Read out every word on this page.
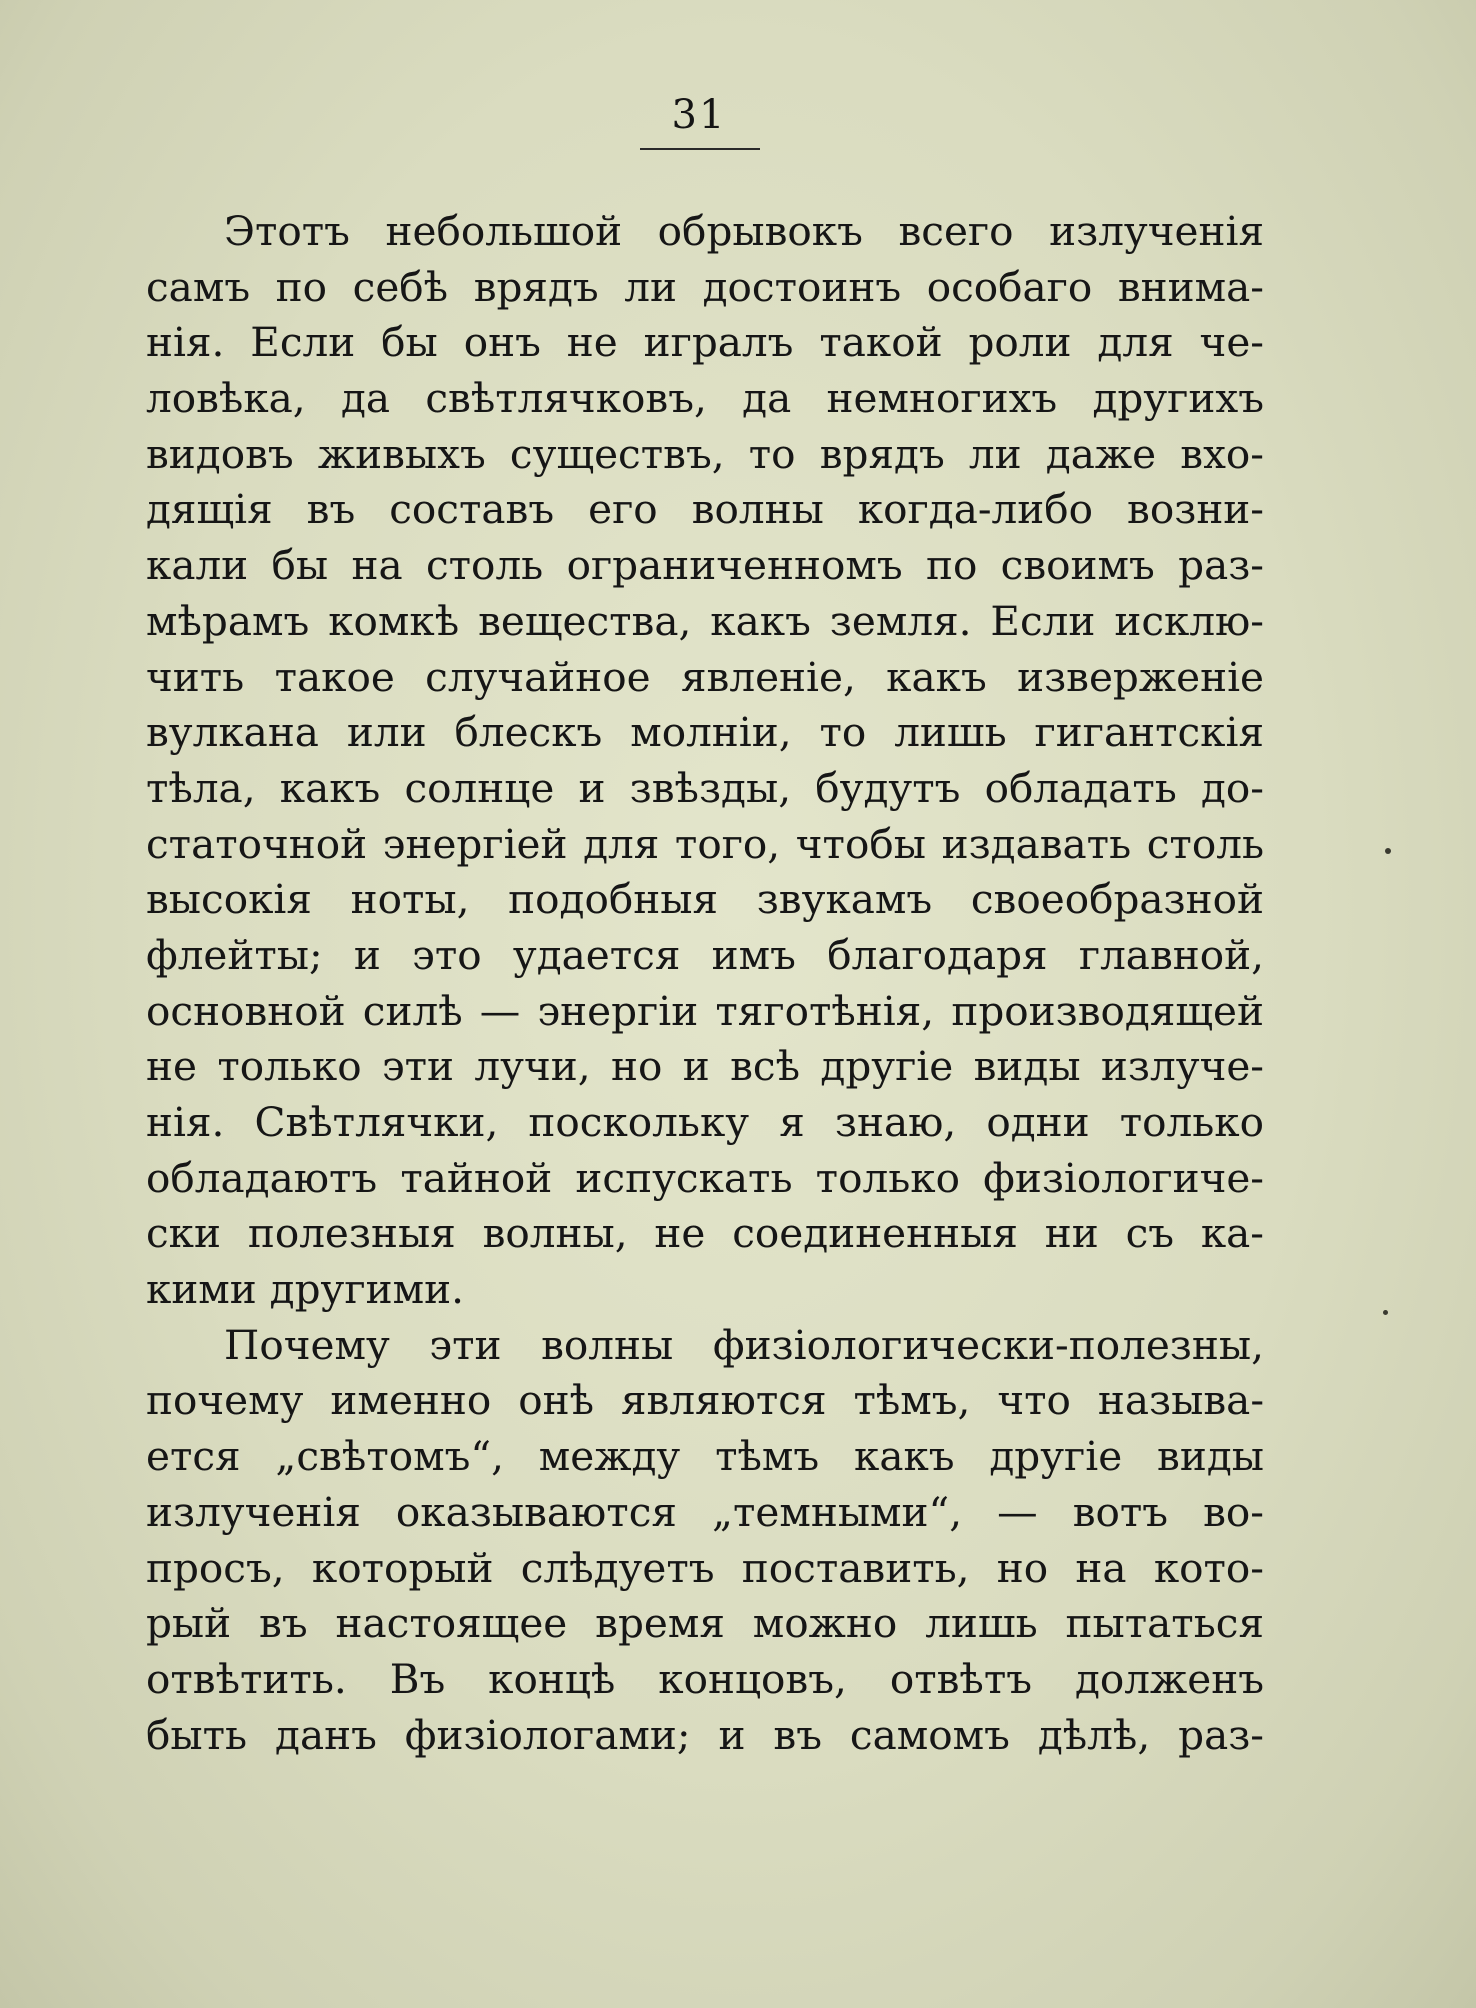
31
Этотъ небольшой обрывокъ всего излученія
самъ по себѣ врядъ ли достоинъ особаго внима-
нія. Если бы онъ не игралъ такой роли для че-
ловѣка, да свѣтлячковъ, да немногихъ другихъ
видовъ живыхъ существъ, то врядъ ли даже вхо-
дящія въ составъ его волны когда-либо возни-
кали бы на столь ограниченномъ по своимъ раз-
мѣрамъ комкѣ вещества, какъ земля. Если исклю-
чить такое случайное явленіе, какъ изверженіе
вулкана или блескъ молніи, то лишь гигантскія
тѣла, какъ солнце и звѣзды, будутъ обладать до-
статочной энергіей для того, чтобы издавать столь
высокія ноты, подобныя звукамъ своеобразной
флейты; и это удается имъ благодаря главной,
основной силѣ — энергіи тяготѣнія, производящей
не только эти лучи, но и всѣ другіе виды излуче-
нія. Свѣтлячки, поскольку я знаю, одни только
обладаютъ тайной испускать только физіологиче-
ски полезныя волны, не соединенныя ни съ ка-
кими другими.
Почему эти волны физіологически-полезны,
почему именно онѣ являются тѣмъ, что называ-
ется „свѣтомъ“, между тѣмъ какъ другіе виды
излученія оказываются „темными“, — вотъ во-
просъ, который слѣдуетъ поставить, но на кото-
рый въ настоящее время можно лишь пытаться
отвѣтить. Въ концѣ концовъ, отвѣтъ долженъ
быть данъ физіологами; и въ самомъ дѣлѣ, раз-
